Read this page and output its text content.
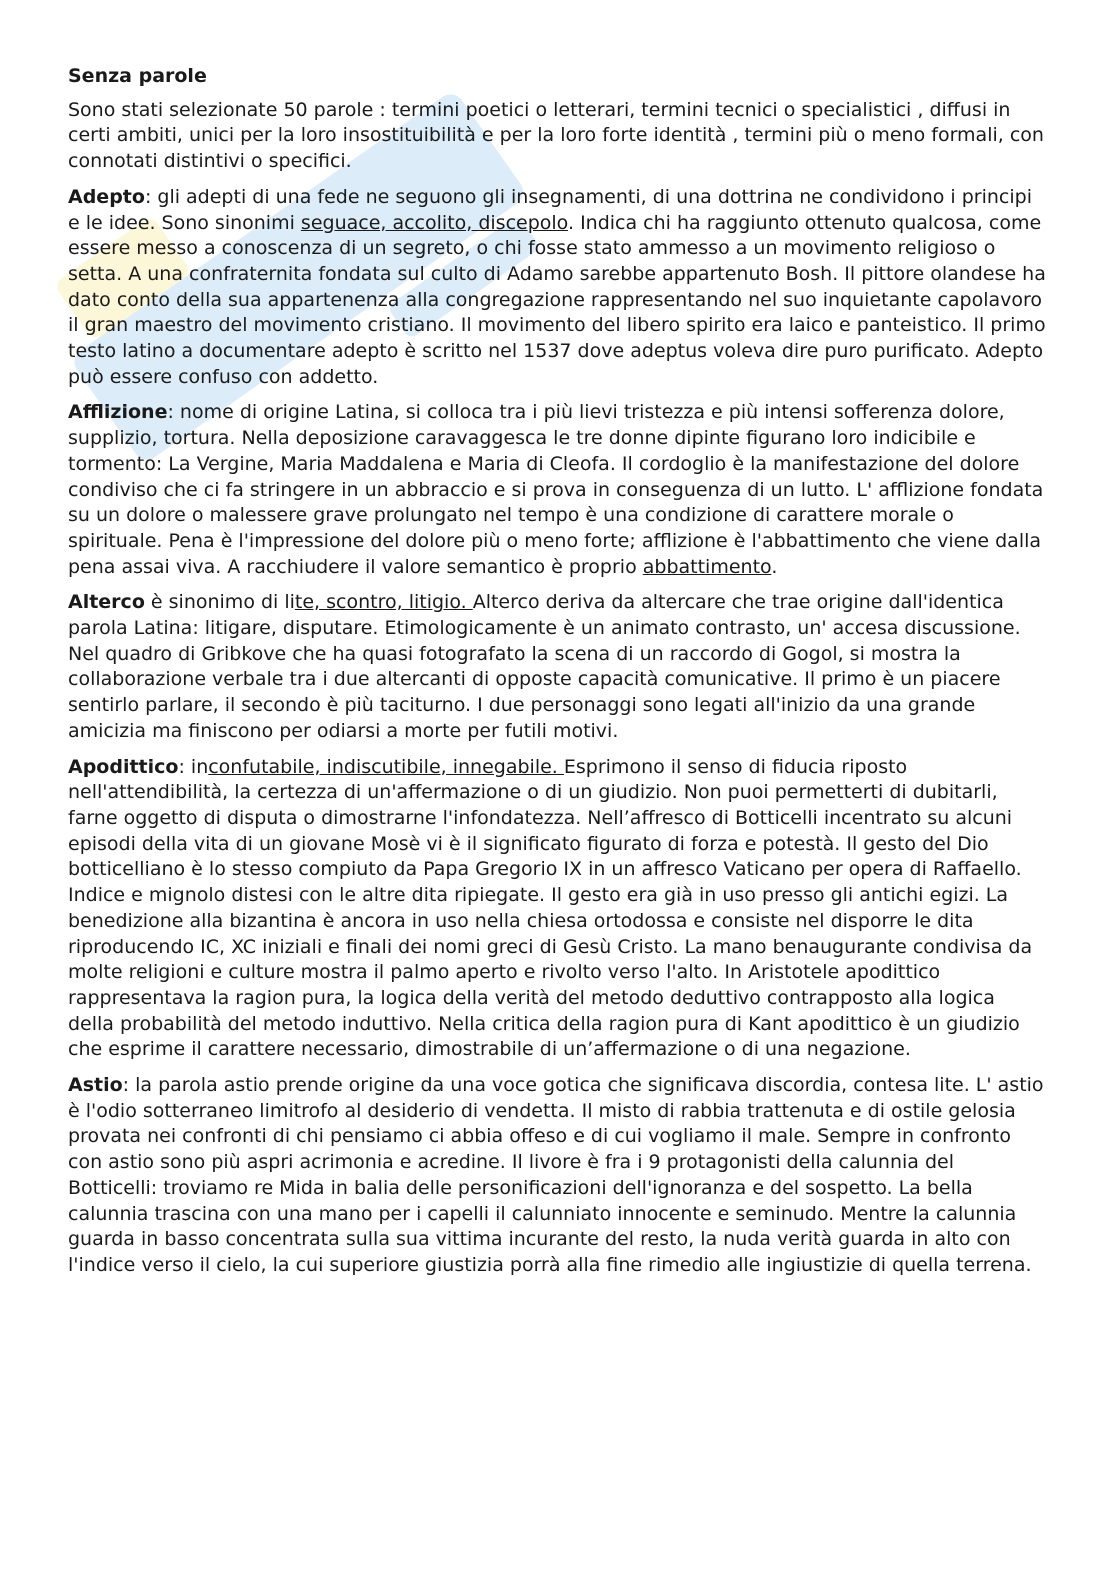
Senza parole

Sono stati selezionate 50 parole : termini poetici o letterari, termini tecnici o specialistici , diffusi in certi ambiti, unici per la loro insostituibilità e per la loro forte identità , termini più o meno formali, con connotati distintivi o specifici.

Adepto: gli adepti di una fede ne seguono gli insegnamenti, di una dottrina ne condividono i principi e le idee. Sono sinonimi seguace, accolito, discepolo. Indica chi ha raggiunto ottenuto qualcosa, come essere messo a conoscenza di un segreto, o chi fosse stato ammesso a un movimento religioso o setta. A una confraternita fondata sul culto di Adamo sarebbe appartenuto Bosh. Il pittore olandese ha dato conto della sua appartenenza alla congregazione rappresentando nel suo inquietante capolavoro il gran maestro del movimento cristiano. Il movimento del libero spirito era laico e panteistico. Il primo testo latino a documentare adepto è scritto nel 1537 dove adeptus voleva dire puro purificato. Adepto può essere confuso con addetto.

Afflizione: nome di origine Latina, si colloca tra i più lievi tristezza e più intensi sofferenza dolore, supplizio, tortura. Nella deposizione caravaggesca le tre donne dipinte figurano loro indicibile e tormento: La Vergine, Maria Maddalena e Maria di Cleofa. Il cordoglio è la manifestazione del dolore condiviso che ci fa stringere in un abbraccio e si prova in conseguenza di un lutto. L' afflizione fondata su un dolore o malessere grave prolungato nel tempo è una condizione di carattere morale o spirituale. Pena è l'impressione del dolore più o meno forte; afflizione è l'abbattimento che viene dalla pena assai viva. A racchiudere il valore semantico è proprio abbattimento.

Alterco è sinonimo di lite, scontro, litigio. Alterco deriva da altercare che trae origine dall'identica parola Latina: litigare, disputare. Etimologicamente è un animato contrasto, un' accesa discussione. Nel quadro di Gribkove che ha quasi fotografato la scena di un raccordo di Gogol, si mostra la collaborazione verbale tra i due altercanti di opposte capacità comunicative. Il primo è un piacere sentirlo parlare, il secondo è più taciturno. I due personaggi sono legati all'inizio da una grande amicizia ma finiscono per odiarsi a morte per futili motivi.

Apodittico: inconfutabile, indiscutibile, innegabile. Esprimono il senso di fiducia riposto nell'attendibilità, la certezza di un'affermazione o di un giudizio. Non puoi permetterti di dubitarli, farne oggetto di disputa o dimostrarne l'infondatezza. Nell’affresco di Botticelli incentrato su alcuni episodi della vita di un giovane Mosè vi è il significato figurato di forza e potestà. Il gesto del Dio botticelliano è lo stesso compiuto da Papa Gregorio IX in un affresco Vaticano per opera di Raffaello. Indice e mignolo distesi con le altre dita ripiegate. Il gesto era già in uso presso gli antichi egizi. La benedizione alla bizantina è ancora in uso nella chiesa ortodossa e consiste nel disporre le dita riproducendo IC, XC iniziali e finali dei nomi greci di Gesù Cristo. La mano benaugurante condivisa da molte religioni e culture mostra il palmo aperto e rivolto verso l'alto. In Aristotele apodittico rappresentava la ragion pura, la logica della verità del metodo deduttivo contrapposto alla logica della probabilità del metodo induttivo. Nella critica della ragion pura di Kant apodittico è un giudizio che esprime il carattere necessario, dimostrabile di un’affermazione o di una negazione.

Astio: la parola astio prende origine da una voce gotica che significava discordia, contesa lite. L' astio è l'odio sotterraneo limitrofo al desiderio di vendetta. Il misto di rabbia trattenuta e di ostile gelosia provata nei confronti di chi pensiamo ci abbia offeso e di cui vogliamo il male. Sempre in confronto con astio sono più aspri acrimonia e acredine. Il livore è fra i 9 protagonisti della calunnia del Botticelli: troviamo re Mida in balia delle personificazioni dell'ignoranza e del sospetto. La bella calunnia trascina con una mano per i capelli il calunniato innocente e seminudo. Mentre la calunnia guarda in basso concentrata sulla sua vittima incurante del resto, la nuda verità guarda in alto con l'indice verso il cielo, la cui superiore giustizia porrà alla fine rimedio alle ingiustizie di quella terrena.
